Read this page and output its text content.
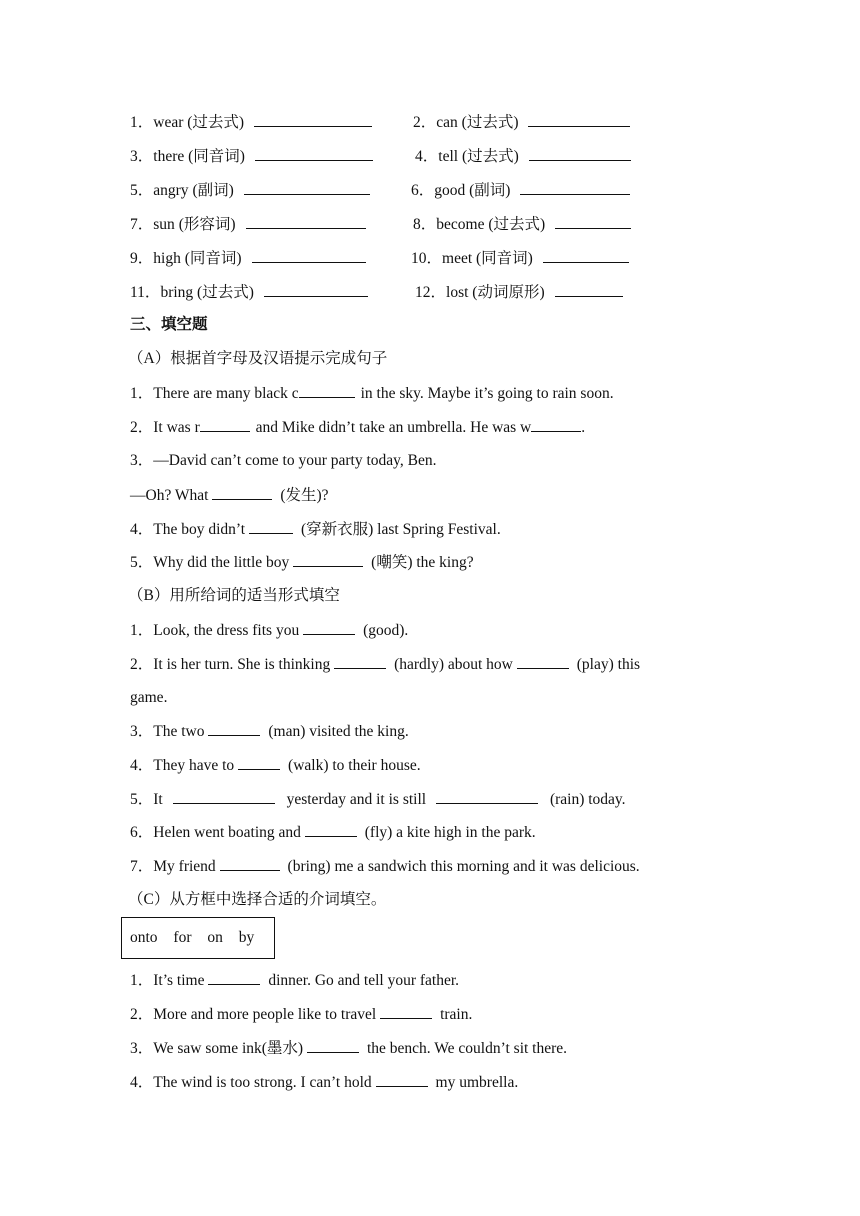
1．wear (过去式)	2．can (过去式)
3．there (同音词)	4．tell (过去式)
5．angry (副词)	6．good (副词)
7．sun (形容词)	8．become (过去式)
9．high (同音词)	10．meet (同音词)
11．bring (过去式)	12．lost (动词原形)
三、填空题
（A）根据首字母及汉语提示完成句子
1．There are many black c	in the sky. Maybe it’s going to rain soon.
2．It was r	and Mike didn’t take an umbrella. He was w	.
3．—David can’t come to your party today, Ben.
—Oh? What	(发生)?
4．The boy didn’t	(穿新衣服) last Spring Festival.
5．Why did the little boy	(嘲笑) the king?
（B）用所给词的适当形式填空
1．Look, the dress fits you	(good).
2．It is her turn. She is thinking	(hardly) about how	(play) this
game.
3．The two	(man) visited the king.
4．They have to	(walk) to their house.
5．It	yesterday and it is still	(rain) today.
6．Helen went boating and	(fly) a kite high in the park.
7．My friend	(bring) me a sandwich this morning and it was delicious.
（C）从方框中选择合适的介词填空。
onto for on by
1．It’s time	dinner. Go and tell your father.
2．More and more people like to travel	train.
3．We saw some ink(墨水)	the bench. We couldn’t sit there.
4．The wind is too strong. I can’t hold	my umbrella.
